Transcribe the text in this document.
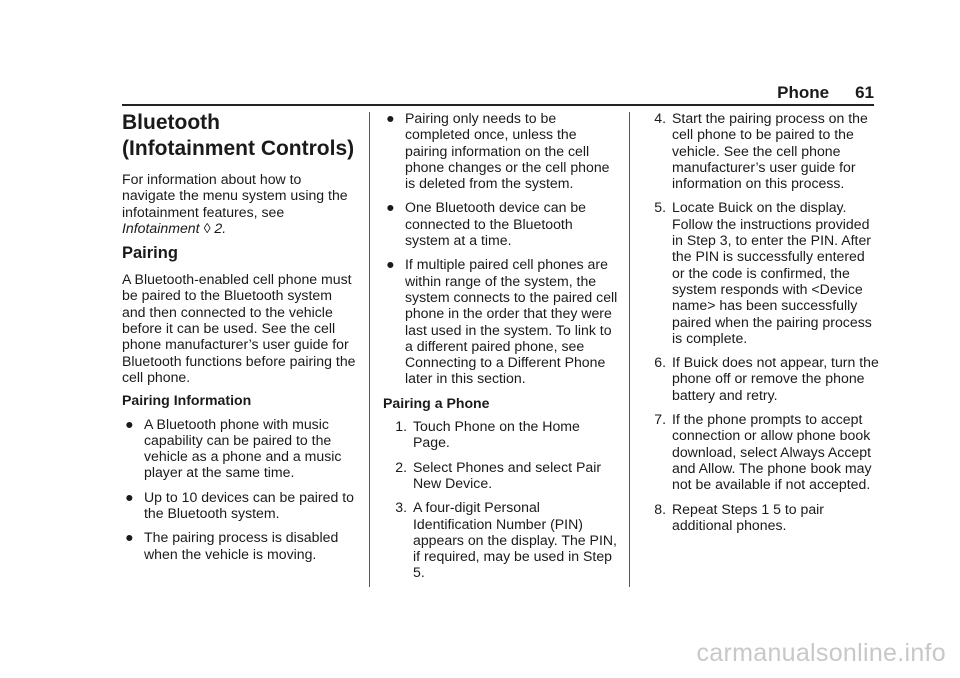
Phone 61
Bluetooth (Infotainment Controls)

For information about how to navigate the menu system using the infotainment features, see Infotainment ◊ 2.

Pairing

A Bluetooth-enabled cell phone must be paired to the Bluetooth system and then connected to the vehicle before it can be used. See the cell phone manufacturer’s user guide for Bluetooth functions before pairing the cell phone.

Pairing Information
● A Bluetooth phone with music capability can be paired to the vehicle as a phone and a music player at the same time.
● Up to 10 devices can be paired to the Bluetooth system.
● The pairing process is disabled when the vehicle is moving.
● Pairing only needs to be completed once, unless the pairing information on the cell phone changes or the cell phone is deleted from the system.
● One Bluetooth device can be connected to the Bluetooth system at a time.
● If multiple paired cell phones are within range of the system, the system connects to the paired cell phone in the order that they were last used in the system. To link to a different paired phone, see Connecting to a Different Phone later in this section.
Pairing a Phone
1. Touch Phone on the Home Page.
2. Select Phones and select Pair New Device.
3. A four-digit Personal Identification Number (PIN) appears on the display. The PIN, if required, may be used in Step 5.
4. Start the pairing process on the cell phone to be paired to the vehicle. See the cell phone manufacturer’s user guide for information on this process.
5. Locate Buick on the display. Follow the instructions provided in Step 3, to enter the PIN. After the PIN is successfully entered or the code is confirmed, the system responds with <Device name> has been successfully paired when the pairing process is complete.
6. If Buick does not appear, turn the phone off or remove the phone battery and retry.
7. If the phone prompts to accept connection or allow phone book download, select Always Accept and Allow. The phone book may not be available if not accepted.
8. Repeat Steps 1 5 to pair additional phones.
carmanualsonline.info
